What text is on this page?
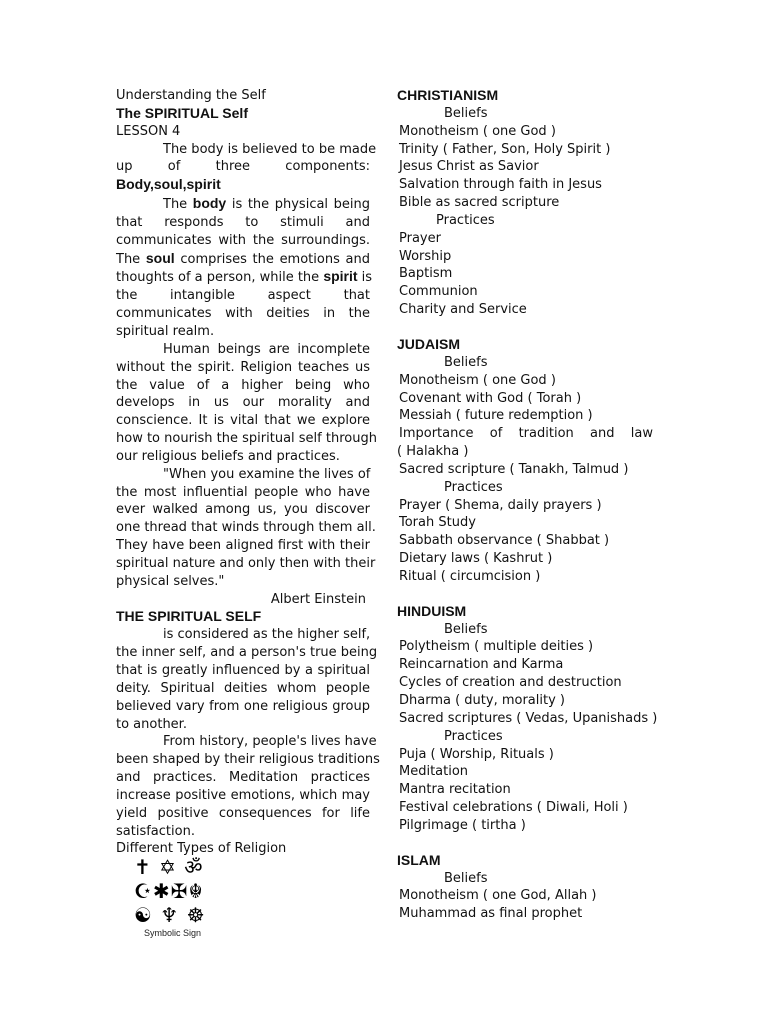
Understanding the Self
The SPIRITUAL Self
LESSON 4
The body is believed to be made
up of three components:
Body,soul,spirit
The body is the physical being
that responds to stimuli and
communicates with the surroundings.
The soul comprises the emotions and
thoughts of a person, while the spirit is
the intangible aspect that
communicates with deities in the
spiritual realm.
Human beings are incomplete
without the spirit. Religion teaches us
the value of a higher being who
develops in us our morality and
conscience. It is vital that we explore
how to nourish the spiritual self through
our religious beliefs and practices.
"When you examine the lives of
the most influential people who have
ever walked among us, you discover
one thread that winds through them all.
They have been aligned first with their
spiritual nature and only then with their
physical selves."
Albert Einstein
THE SPIRITUAL SELF
is considered as the higher self,
the inner self, and a person's true being
that is greatly influenced by a spiritual
deity. Spiritual deities whom people
believed vary from one religious group
to another.
From history, people's lives have
been shaped by their religious traditions
and practices. Meditation practices
increase positive emotions, which may
yield positive consequences for life
satisfaction.
Different Types of Religion
✝ ✡ ॐ
☪✱✠☬
☯ ♆ ☸
Symbolic Sign
CHRISTIANISM
Beliefs
Monotheism ( one God )
Trinity ( Father, Son, Holy Spirit )
Jesus Christ as Savior
Salvation through faith in Jesus
Bible as sacred scripture
Practices
Prayer
Worship
Baptism
Communion
Charity and Service
JUDAISM
Beliefs
Monotheism ( one God )
Covenant with God ( Torah )
Messiah ( future redemption )
Importance of tradition and law
( Halakha )
Sacred scripture ( Tanakh, Talmud )
Practices
Prayer ( Shema, daily prayers )
Torah Study
Sabbath observance ( Shabbat )
Dietary laws ( Kashrut )
Ritual ( circumcision )
HINDUISM
Beliefs
Polytheism ( multiple deities )
Reincarnation and Karma
Cycles of creation and destruction
Dharma ( duty, morality )
Sacred scriptures ( Vedas, Upanishads )
Practices
Puja ( Worship, Rituals )
Meditation
Mantra recitation
Festival celebrations ( Diwali, Holi )
Pilgrimage ( tirtha )
ISLAM
Beliefs
Monotheism ( one God, Allah )
Muhammad as final prophet
